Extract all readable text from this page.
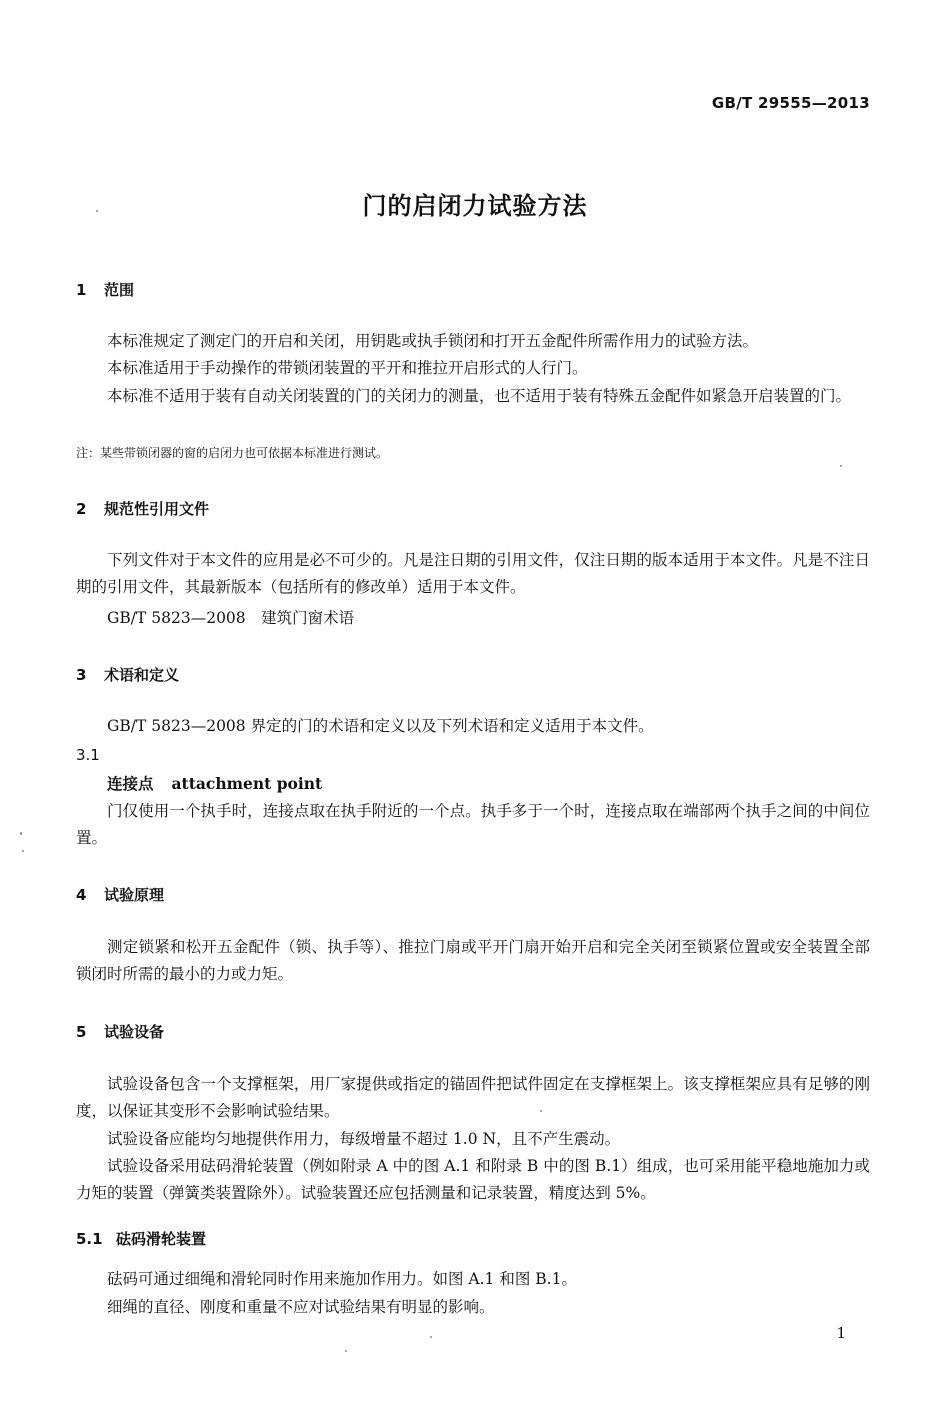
GB/T 29555—2013
门的启闭力试验方法
1 范围
本标准规定了测定门的开启和关闭，用钥匙或执手锁闭和打开五金配件所需作用力的试验方法。
本标准适用于手动操作的带锁闭装置的平开和推拉开启形式的人行门。
本标准不适用于装有自动关闭装置的门的关闭力的测量，也不适用于装有特殊五金配件如紧急开启装置的门。
注：某些带锁闭器的窗的启闭力也可依据本标准进行测试。
2 规范性引用文件
下列文件对于本文件的应用是必不可少的。凡是注日期的引用文件，仅注日期的版本适用于本文件。凡是不注日期的引用文件，其最新版本（包括所有的修改单）适用于本文件。
GB/T 5823—2008　建筑门窗术语
3 术语和定义
GB/T 5823—2008 界定的门的术语和定义以及下列术语和定义适用于本文件。
3.1
连接点 attachment point
门仅使用一个执手时，连接点取在执手附近的一个点。执手多于一个时，连接点取在端部两个执手之间的中间位置。
4 试验原理
测定锁紧和松开五金配件（锁、执手等）、推拉门扇或平开门扇开始开启和完全关闭至锁紧位置或安全装置全部锁闭时所需的最小的力或力矩。
5 试验设备
试验设备包含一个支撑框架，用厂家提供或指定的锚固件把试件固定在支撑框架上。该支撑框架应具有足够的刚度，以保证其变形不会影响试验结果。
试验设备应能均匀地提供作用力，每级增量不超过 1.0 N，且不产生震动。
试验设备采用砝码滑轮装置（例如附录 A 中的图 A.1 和附录 B 中的图 B.1）组成，也可采用能平稳地施加力或力矩的装置（弹簧类装置除外）。试验装置还应包括测量和记录装置，精度达到 5%。
5.1 砝码滑轮装置
砝码可通过细绳和滑轮同时作用来施加作用力。如图 A.1 和图 B.1。
细绳的直径、刚度和重量不应对试验结果有明显的影响。
1
